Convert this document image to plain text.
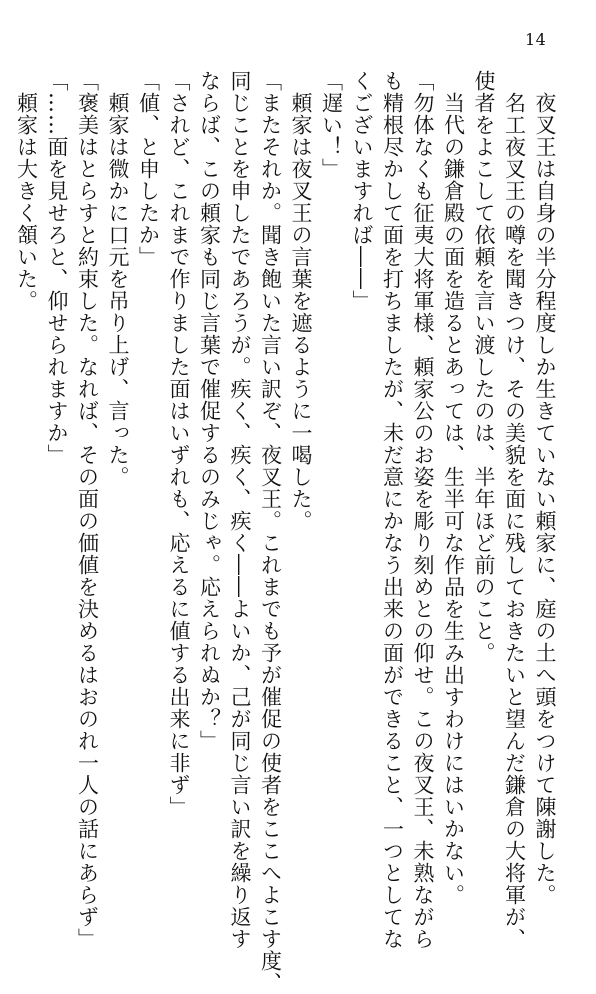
14
　夜叉王は自身の半分程度しか生きていない頼家に、庭の土へ頭をつけて陳謝した。
　名工夜叉王の噂を聞きつけ、その美貌を面に残しておきたいと望んだ鎌倉の大将軍が、
使者をよこして依頼を言い渡したのは、半年ほど前のこと。
　当代の鎌倉殿の面を造るとあっては、生半可な作品を生み出すわけにはいかない。
「勿体なくも征夷大将軍様、頼家公のお姿を彫り刻めとの仰せ。この夜叉王、未熟ながら
も精根尽かして面を打ちましたが、未だ意にかなう出来の面ができること、一つとしてな
くございますれば――」
「遅い！」
　頼家は夜叉王の言葉を遮るように一喝した。
「またそれか。聞き飽いた言い訳ぞ、夜叉王。これまでも予が催促の使者をここへよこす度、
同じことを申したであろうが。疾く、疾く、疾く――よいか、己が同じ言い訳を繰り返す
ならば、この頼家も同じ言葉で催促するのみじゃ。応えられぬか？」
「されど、これまで作りました面はいずれも、応えるに値する出来に非ず」
「値、と申したか」
　頼家は微かに口元を吊り上げ、言った。
「褒美はとらすと約束した。なれば、その面の価値を決めるはおのれ一人の話にあらず」
「……面を見せろと、仰せられますか」
　頼家は大きく頷いた。
